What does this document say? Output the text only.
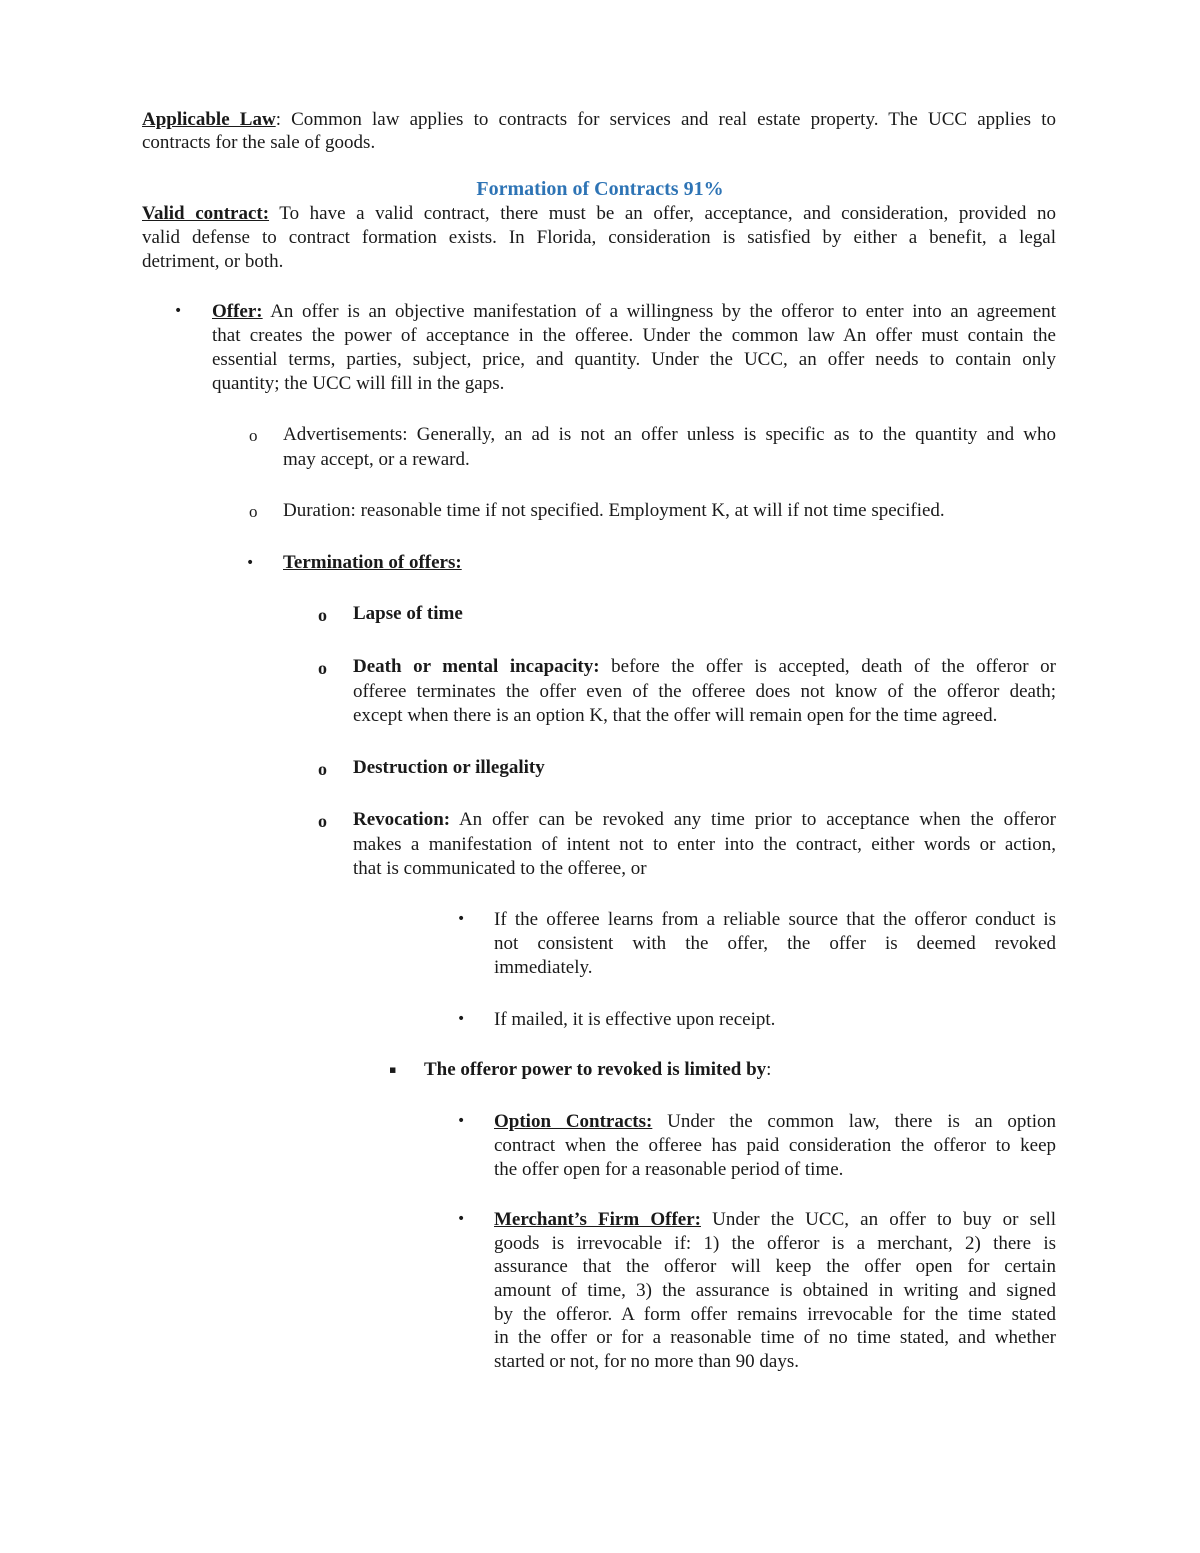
Applicable Law: Common law applies to contracts for services and real estate property. The UCC applies to
contracts for the sale of goods.
Formation of Contracts 91%
Valid contract: To have a valid contract, there must be an offer, acceptance, and consideration, provided no
valid defense to contract formation exists. In Florida, consideration is satisfied by either a benefit, a legal
detriment, or both.
• Offer: An offer is an objective manifestation of a willingness by the offeror to enter into an agreement
that creates the power of acceptance in the offeree. Under the common law An offer must contain the
essential terms, parties, subject, price, and quantity. Under the UCC, an offer needs to contain only
quantity; the UCC will fill in the gaps.
o Advertisements: Generally, an ad is not an offer unless is specific as to the quantity and who
may accept, or a reward.
o Duration: reasonable time if not specified. Employment K, at will if not time specified.
• Termination of offers:
o Lapse of time
o Death or mental incapacity: before the offer is accepted, death of the offeror or
offeree terminates the offer even of the offeree does not know of the offeror death;
except when there is an option K, that the offer will remain open for the time agreed.
o Destruction or illegality
o Revocation: An offer can be revoked any time prior to acceptance when the offeror
makes a manifestation of intent not to enter into the contract, either words or action,
that is communicated to the offeree, or
• If the offeree learns from a reliable source that the offeror conduct is
not consistent with the offer, the offer is deemed revoked
immediately.
• If mailed, it is effective upon receipt.
▪ The offeror power to revoked is limited by:
• Option Contracts: Under the common law, there is an option
contract when the offeree has paid consideration the offeror to keep
the offer open for a reasonable period of time.
• Merchant’s Firm Offer: Under the UCC, an offer to buy or sell
goods is irrevocable if: 1) the offeror is a merchant, 2) there is
assurance that the offeror will keep the offer open for certain
amount of time, 3) the assurance is obtained in writing and signed
by the offeror. A form offer remains irrevocable for the time stated
in the offer or for a reasonable time of no time stated, and whether
started or not, for no more than 90 days.
